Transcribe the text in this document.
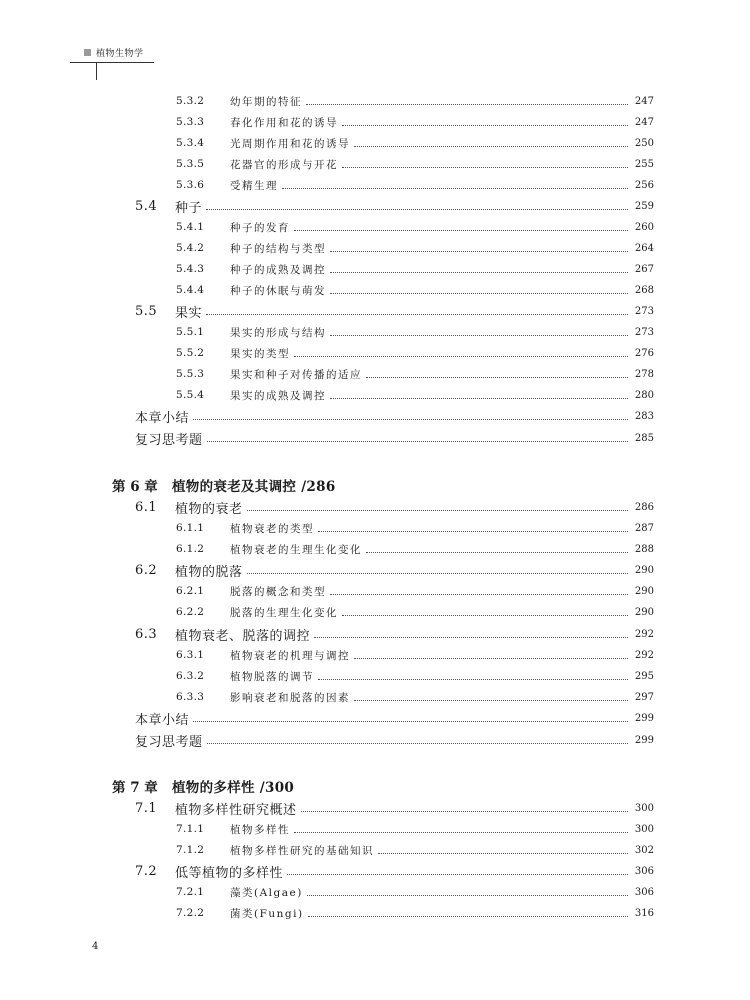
植物生物学
5.3.2	幼年期的特征	247
5.3.3	春化作用和花的诱导	247
5.3.4	光周期作用和花的诱导	250
5.3.5	花器官的形成与开花	255
5.3.6	受精生理	256
5.4	种子	259
5.4.1	种子的发育	260
5.4.2	种子的结构与类型	264
5.4.3	种子的成熟及调控	267
5.4.4	种子的休眠与萌发	268
5.5	果实	273
5.5.1	果实的形成与结构	273
5.5.2	果实的类型	276
5.5.3	果实和种子对传播的适应	278
5.5.4	果实的成熟及调控	280
本章小结	283
复习思考题	285
第 6 章	植物的衰老及其调控 /286
6.1	植物的衰老	286
6.1.1	植物衰老的类型	287
6.1.2	植物衰老的生理生化变化	288
6.2	植物的脱落	290
6.2.1	脱落的概念和类型	290
6.2.2	脱落的生理生化变化	290
6.3	植物衰老、脱落的调控	292
6.3.1	植物衰老的机理与调控	292
6.3.2	植物脱落的调节	295
6.3.3	影响衰老和脱落的因素	297
本章小结	299
复习思考题	299
第 7 章	植物的多样性 /300
7.1	植物多样性研究概述	300
7.1.1	植物多样性	300
7.1.2	植物多样性研究的基础知识	302
7.2	低等植物的多样性	306
7.2.1	藻类(Algae)	306
7.2.2	菌类(Fungi)	316
4
